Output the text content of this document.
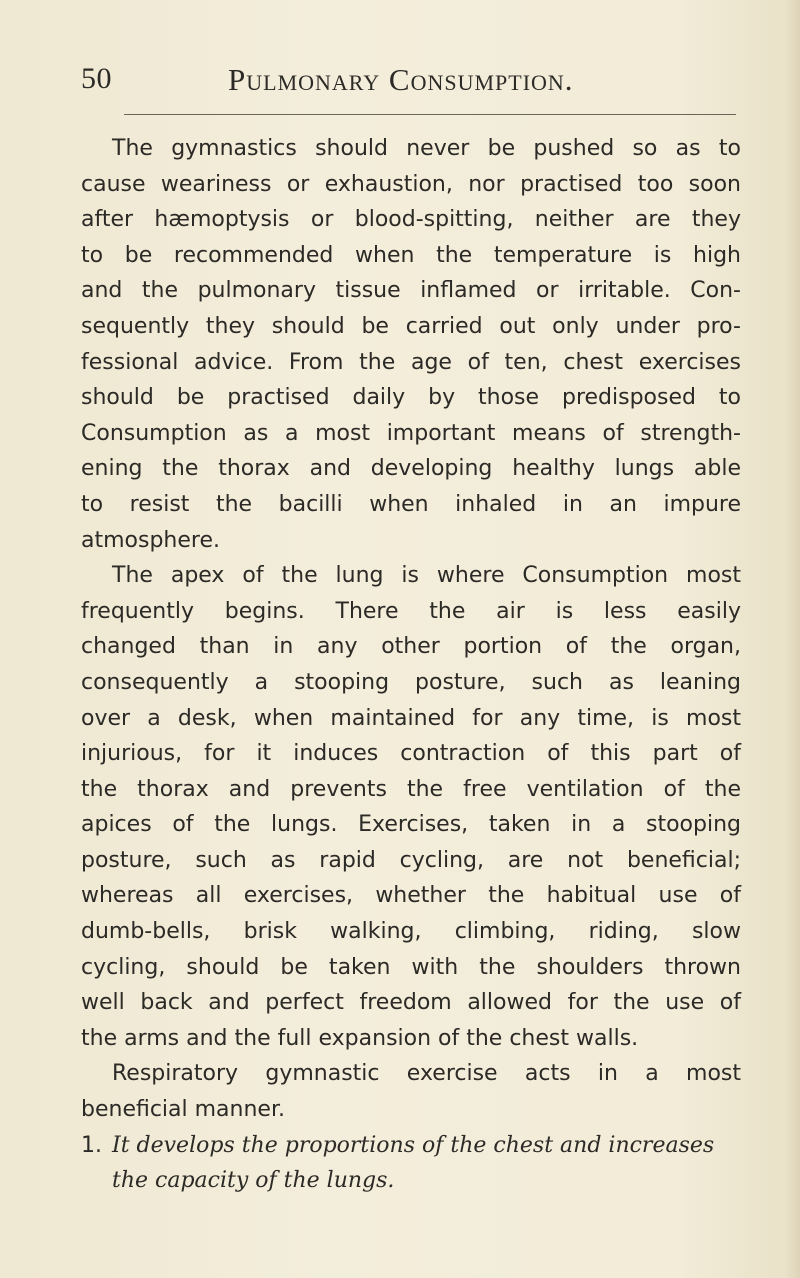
50	Pulmonary Consumption.
The gymnastics should never be pushed so as to
cause weariness or exhaustion, nor practised too soon
after hæmoptysis or blood-spitting, neither are they
to be recommended when the temperature is high
and the pulmonary tissue inflamed or irritable. Con-
sequently they should be carried out only under pro-
fessional advice. From the age of ten, chest exercises
should be practised daily by those predisposed to
Consumption as a most important means of strength-
ening the thorax and developing healthy lungs able
to resist the bacilli when inhaled in an impure
atmosphere.
The apex of the lung is where Consumption most
frequently begins. There the air is less easily
changed than in any other portion of the organ,
consequently a stooping posture, such as leaning
over a desk, when maintained for any time, is most
injurious, for it induces contraction of this part of
the thorax and prevents the free ventilation of the
apices of the lungs. Exercises, taken in a stooping
posture, such as rapid cycling, are not beneficial;
whereas all exercises, whether the habitual use of
dumb-bells, brisk walking, climbing, riding, slow
cycling, should be taken with the shoulders thrown
well back and perfect freedom allowed for the use of
the arms and the full expansion of the chest walls.
Respiratory gymnastic exercise acts in a most
beneficial manner.
1. It develops the proportions of the chest and increases
the capacity of the lungs.
